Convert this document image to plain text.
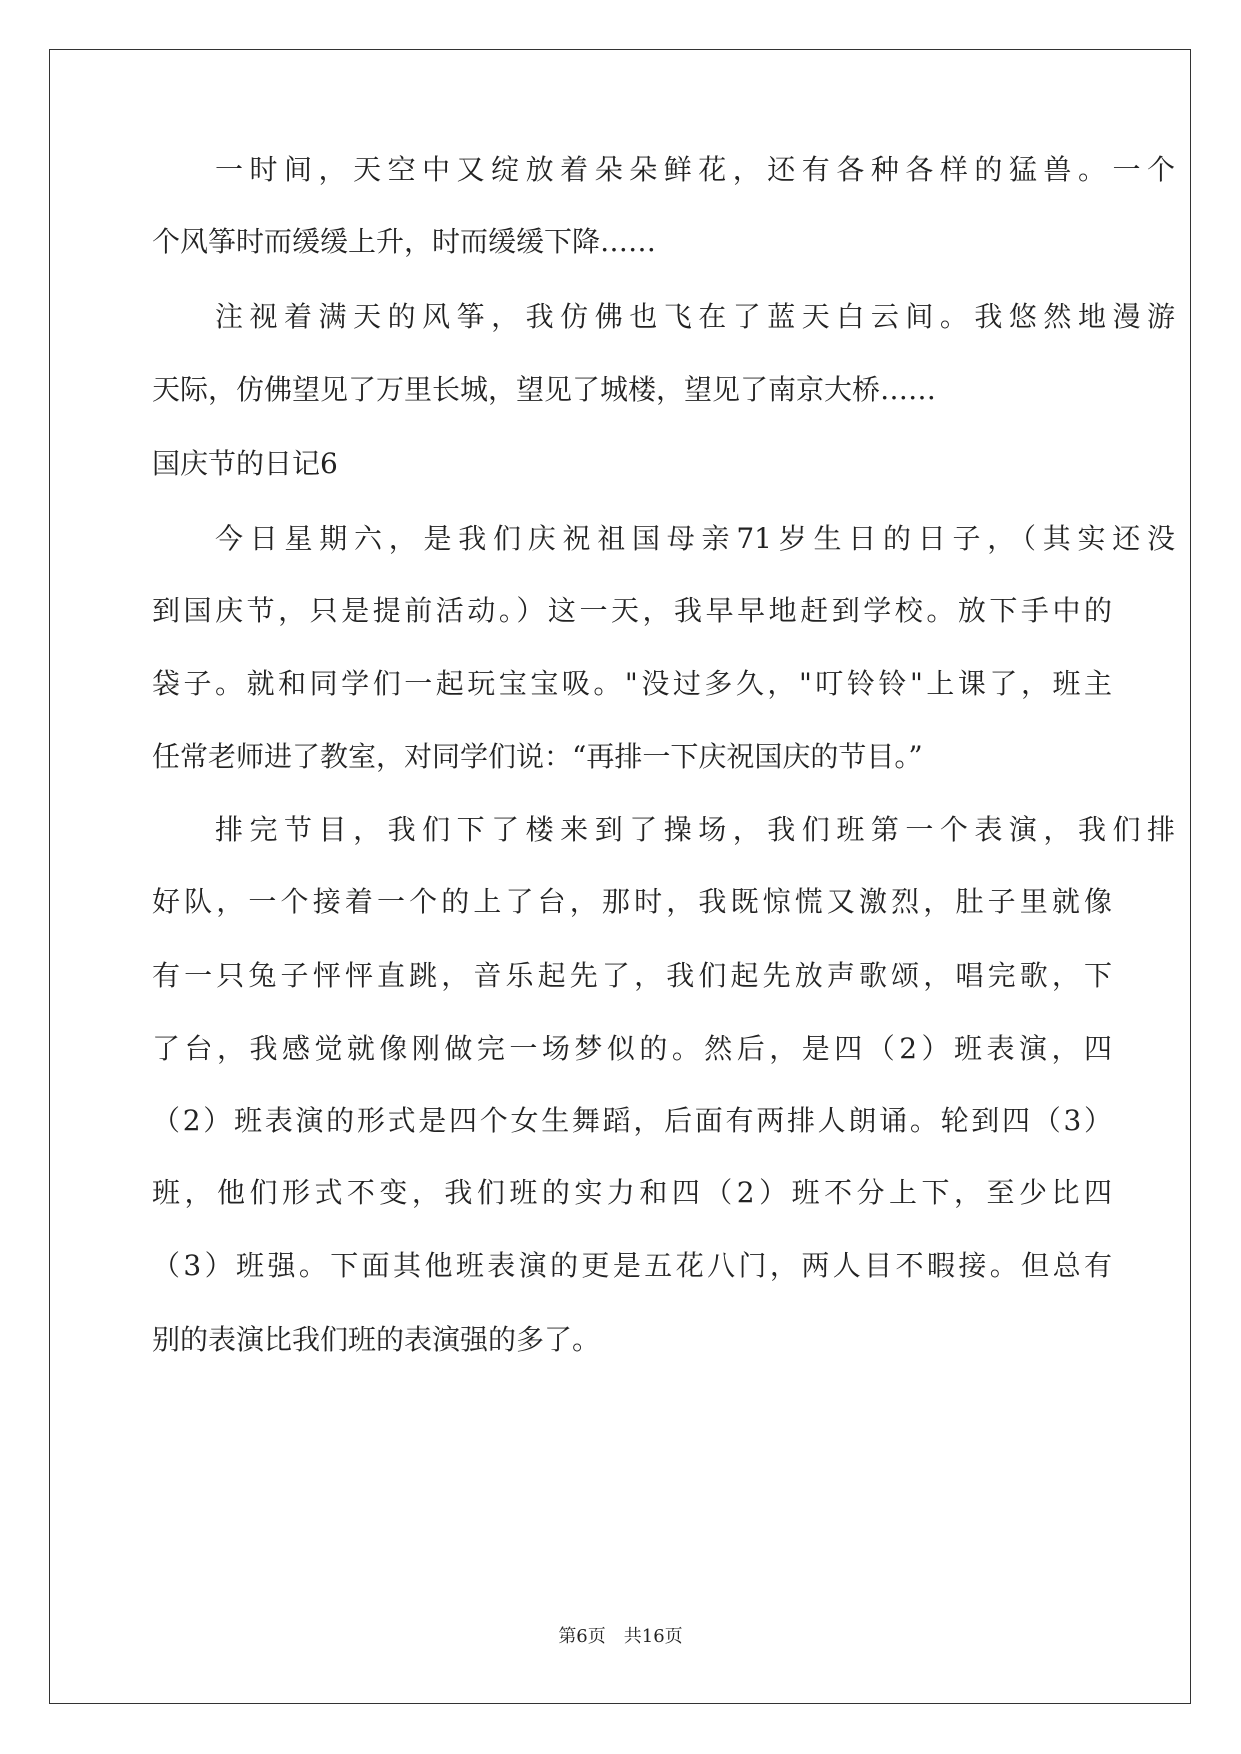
一时间，天空中又绽放着朵朵鲜花，还有各种各样的猛兽。一个

个风筝时而缓缓上升，时而缓缓下降……

注视着满天的风筝，我仿佛也飞在了蓝天白云间。我悠然地漫游

天际，仿佛望见了万里长城，望见了城楼，望见了南京大桥……

国庆节的日记6

今日星期六，是我们庆祝祖国母亲71岁生日的日子，（其实还没

到国庆节，只是提前活动。）这一天，我早早地赶到学校。放下手中的

袋子。就和同学们一起玩宝宝吸。"没过多久，"叮铃铃"上课了，班主

任常老师进了教室，对同学们说：“再排一下庆祝国庆的节目。”

排完节目，我们下了楼来到了操场，我们班第一个表演，我们排

好队，一个接着一个的上了台，那时，我既惊慌又激烈，肚子里就像

有一只兔子怦怦直跳，音乐起先了，我们起先放声歌颂，唱完歌，下

了台，我感觉就像刚做完一场梦似的。然后，是四（2）班表演，四

（2）班表演的形式是四个女生舞蹈，后面有两排人朗诵。轮到四（3）

班，他们形式不变，我们班的实力和四（2）班不分上下，至少比四

（3）班强。下面其他班表演的更是五花八门，两人目不暇接。但总有

别的表演比我们班的表演强的多了。

第6页　共16页
